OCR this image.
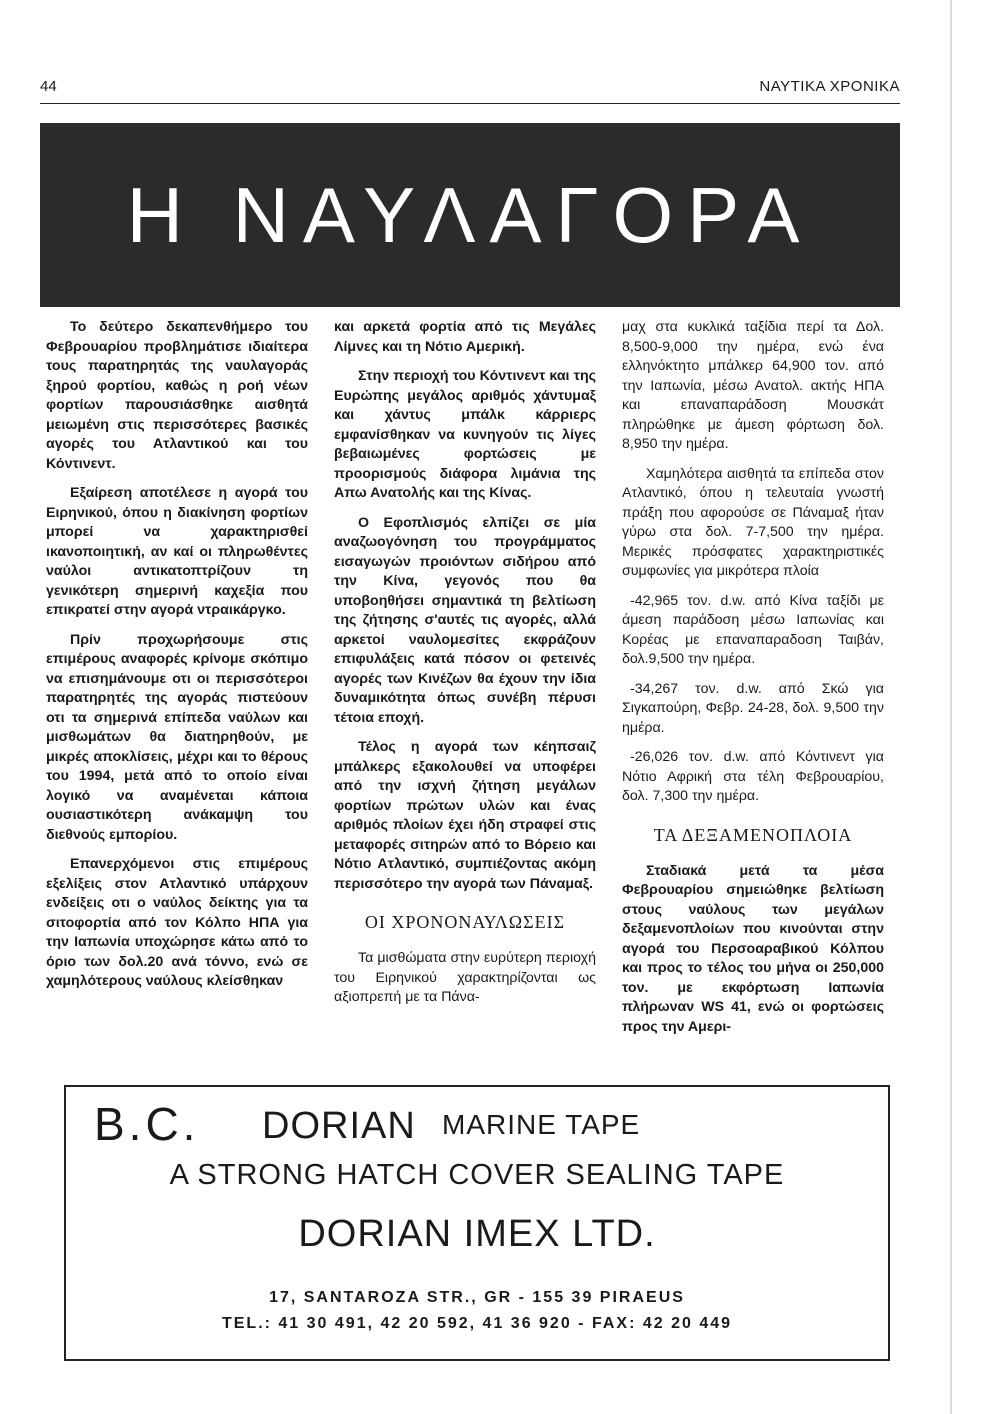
44	ΝΑΥΤΙΚΑ ΧΡΟΝΙΚΑ
Η ΝΑΥΛΑΓΟΡΑ

Το δεύτερο δεκαπενθήμερο του Φεβρουαρίου προβλημάτισε ιδιαίτερα τους παρατηρητάς της ναυλαγοράς ξηρού φορτίου, καθώς η ροή νέων φορτίων παρουσιάσθηκε αισθητά μειωμένη στις περισσότερες βασικές αγορές του Ατλαντικού και του Κόντινεντ.

Εξαίρεση αποτέλεσε η αγορά του Ειρηνικού, όπου η διακίνηση φορτίων μπορεί να χαρακτηρισθεί ικανοποιητική, αν καί οι πληρωθέντες ναύλοι αντικατοπτρίζουν τη γενικότερη σημερινή καχεξία που επικρατεί στην αγορά ντραικάργκο.

Πρίν προχωρήσουμε στις επιμέρους αναφορές κρίνομε σκόπιμο να επισημάνουμε οτι οι περισσότεροι παρατηρητές της αγοράς πιστεύουν οτι τα σημερινά επίπεδα ναύλων και μισθωμάτων θα διατηρηθούν, με μικρές αποκλίσεις, μέχρι και το θέρους του 1994, μετά από το οποίο είναι λογικό να αναμένεται κάποια ουσιαστικότερη ανάκαμψη του διεθνούς εμπορίου.

Επανερχόμενοι στις επιμέρους εξελίξεις στον Ατλαντικό υπάρχουν ενδείξεις οτι ο ναύλος δείκτης για τα σιτοφορτία από τον Κόλπο ΗΠΑ για την Ιαπωνία υποχώρησε κάτω από το όριο των δολ.20 ανά τόννο, ενώ σε χαμηλότερους ναύλους κλείσθηκαν

και αρκετά φορτία από τις Μεγάλες Λίμνες και τη Νότιο Αμερική.

Στην περιοχή του Κόντινεντ και της Ευρώπης μεγάλος αριθμός χάντυμαξ και χάντυς μπάλκ κάρριερς εμφανίσθηκαν να κυνηγούν τις λίγες βεβαιωμένες φορτώσεις με προορισμούς διάφορα λιμάνια της Απω Ανατολής και της Κίνας.

Ο Εφοπλισμός ελπίζει σε μία αναζωογόνηση του προγράμματος εισαγωγών προιόντων σιδήρου από την Κίνα, γεγονός που θα υποβοηθήσει σημαντικά τη βελτίωση της ζήτησης σ'αυτές τις αγορές, αλλά αρκετοί ναυλομεσίτες εκφράζουν επιφυλάξεις κατά πόσον οι φετεινές αγορές των Κινέζων θα έχουν την ίδια δυναμικότητα όπως συνέβη πέρυσι τέτοια εποχή.

Τέλος η αγορά των κέηπσαιζ μπάλκερς εξακολουθεί να υποφέρει από την ισχνή ζήτηση μεγάλων φορτίων πρώτων υλών και ένας αριθμός πλοίων έχει ήδη στραφεί στις μεταφορές σιτηρών από το Βόρειο και Νότιο Ατλαντικό, συμπιέζοντας ακόμη περισσότερο την αγορά των Πάναμαξ.

ΟΙ ΧΡΟΝΟΝΑΥΛΩΣΕΙΣ

Τα μισθώματα στην ευρύτερη περιοχή του Ειρηνικού χαρακτηρίζονται ως αξιοπρεπή με τα Πάνα-

μαχ στα κυκλικά ταξίδια περί τα Δολ. 8,500-9,000 την ημέρα, ενώ ένα ελληνόκτητο μπάλκερ 64,900 τον. από την Ιαπωνία, μέσω Ανατολ. ακτής ΗΠΑ και επαναπαράδοση Μουσκάτ πληρώθηκε με άμεση φόρτωση δολ. 8,950 την ημέρα.

Χαμηλότερα αισθητά τα επίπεδα στον Ατλαντικό, όπου η τελευταία γνωστή πράξη που αφορούσε σε Πάναμαξ ήταν γύρω στα δολ. 7-7,500 την ημέρα. Μερικές πρόσφατες χαρακτηριστικές συμφωνίες για μικρότερα πλοία

-42,965 τον. d.w. από Κίνα ταξίδι με άμεση παράδοση μέσω Ιαπωνίας και Κορέας με επαναπαραδοση Ταιβάν, δολ.9,500 την ημέρα.

-34,267 τον. d.w. από Σκώ για Σιγκαπούρη, Φεβρ. 24-28, δολ. 9,500 την ημέρα.

-26,026 τον. d.w. από Κόντινεντ για Νότιο Αφρική στα τέλη Φεβρουαρίου, δολ. 7,300 την ημέρα.

ΤΑ ΔΕΞΑΜΕΝΟΠΛΟΙΑ

Σταδιακά μετά τα μέσα Φεβρουαρίου σημειώθηκε βελτίωση στους ναύλους των μεγάλων δεξαμενοπλοίων που κινούνται στην αγορά του Περσοαραβικού Κόλπου και προς το τέλος του μήνα οι 250,000 τον. με εκφόρτωση Ιαπωνία πλήρωναν WS 41, ενώ οι φορτώσεις προς την Αμερι-

B.C. DORIAN MARINE TAPE
A STRONG HATCH COVER SEALING TAPE
DORIAN IMEX LTD.
17, SANTAROZA STR., GR - 155 39 PIRAEUS
TEL.: 41 30 491, 42 20 592, 41 36 920 - FAX: 42 20 449
